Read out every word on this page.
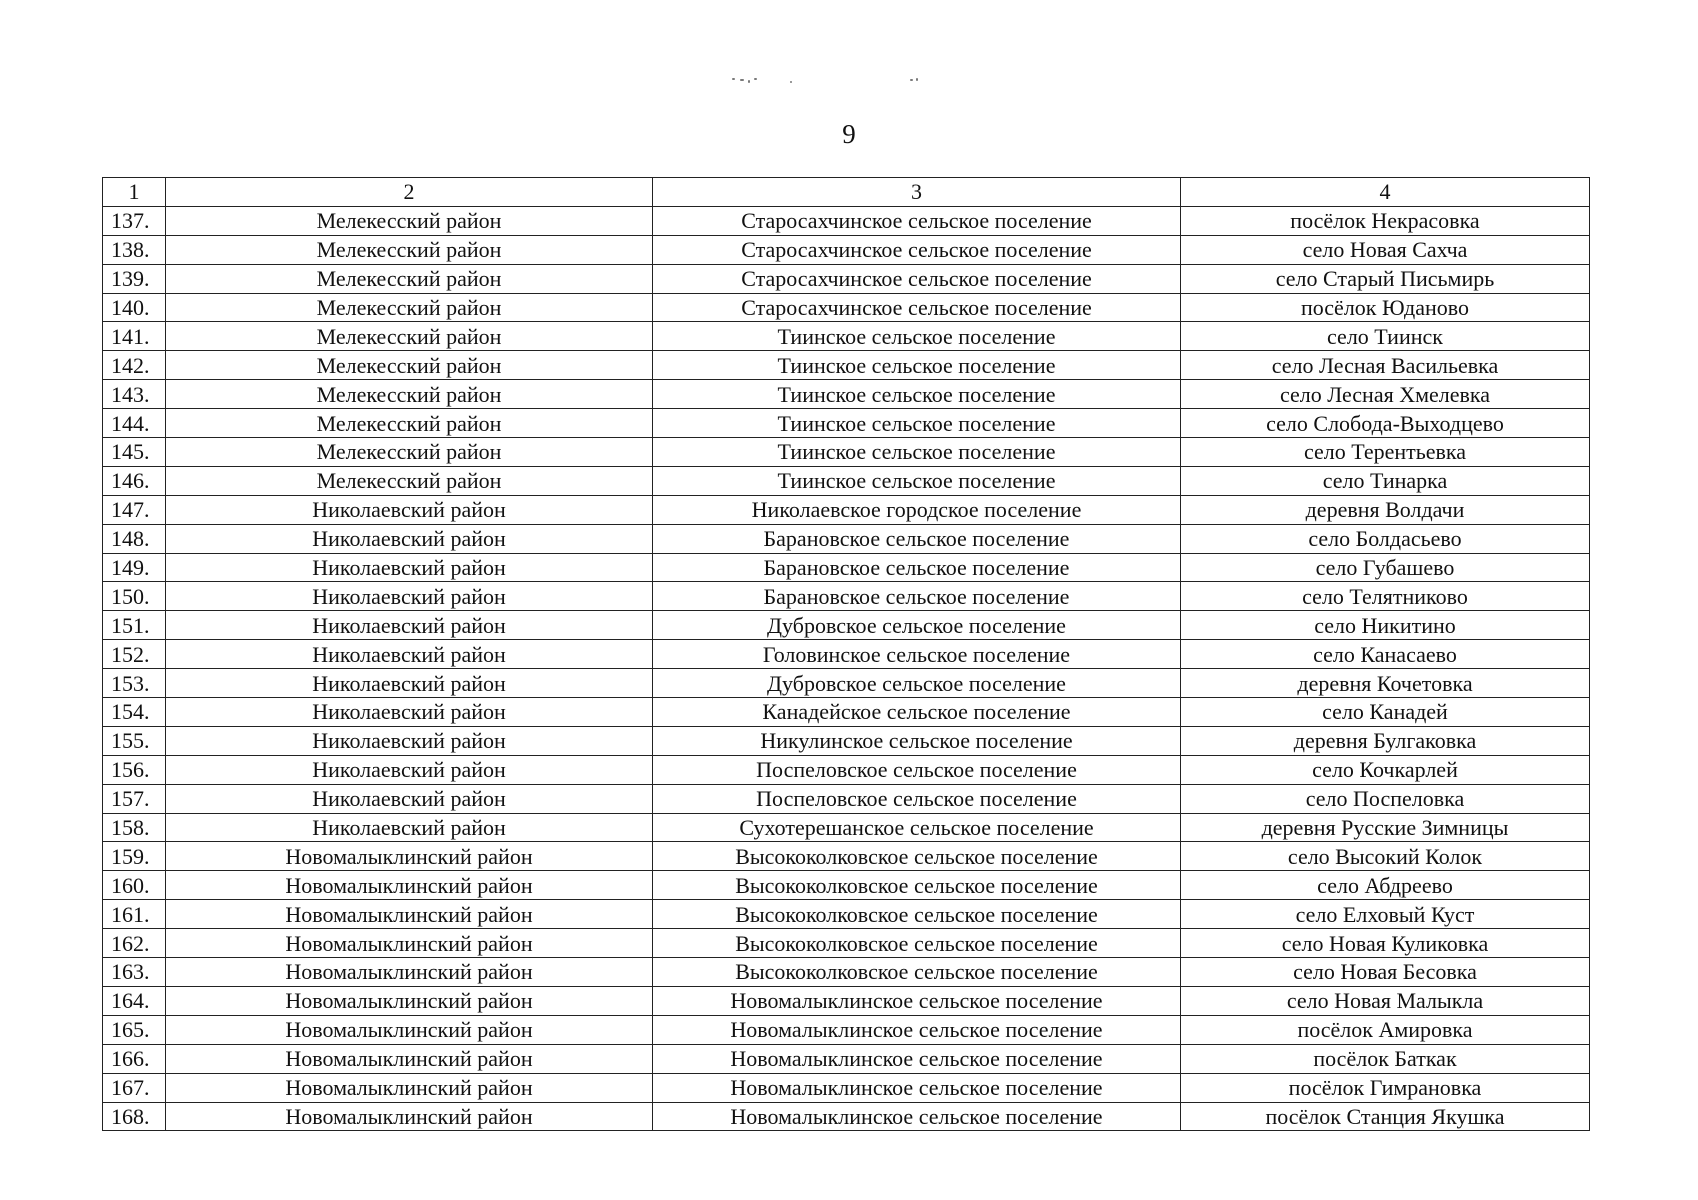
9
1	2	3	4
137.	Мелекесский район	Старосахчинское сельское поселение	посёлок Некрасовка
138.	Мелекесский район	Старосахчинское сельское поселение	село Новая Сахча
139.	Мелекесский район	Старосахчинское сельское поселение	село Старый Письмирь
140.	Мелекесский район	Старосахчинское сельское поселение	посёлок Юданово
141.	Мелекесский район	Тиинское сельское поселение	село Тиинск
142.	Мелекесский район	Тиинское сельское поселение	село Лесная Васильевка
143.	Мелекесский район	Тиинское сельское поселение	село Лесная Хмелевка
144.	Мелекесский район	Тиинское сельское поселение	село Слобода-Выходцево
145.	Мелекесский район	Тиинское сельское поселение	село Терентьевка
146.	Мелекесский район	Тиинское сельское поселение	село Тинарка
147.	Николаевский район	Николаевское городское поселение	деревня Волдачи
148.	Николаевский район	Барановское сельское поселение	село Болдасьево
149.	Николаевский район	Барановское сельское поселение	село Губашево
150.	Николаевский район	Барановское сельское поселение	село Телятниково
151.	Николаевский район	Дубровское сельское поселение	село Никитино
152.	Николаевский район	Головинское сельское поселение	село Канасаево
153.	Николаевский район	Дубровское сельское поселение	деревня Кочетовка
154.	Николаевский район	Канадейское сельское поселение	село Канадей
155.	Николаевский район	Никулинское сельское поселение	деревня Булгаковка
156.	Николаевский район	Поспеловское сельское поселение	село Кочкарлей
157.	Николаевский район	Поспеловское сельское поселение	село Поспеловка
158.	Николаевский район	Сухотерешанское сельское поселение	деревня Русские Зимницы
159.	Новомалыклинский район	Высококолковское сельское поселение	село Высокий Колок
160.	Новомалыклинский район	Высококолковское сельское поселение	село Абдреево
161.	Новомалыклинский район	Высококолковское сельское поселение	село Елховый Куст
162.	Новомалыклинский район	Высококолковское сельское поселение	село Новая Куликовка
163.	Новомалыклинский район	Высококолковское сельское поселение	село Новая Бесовка
164.	Новомалыклинский район	Новомалыклинское сельское поселение	село Новая Малыкла
165.	Новомалыклинский район	Новомалыклинское сельское поселение	посёлок Амировка
166.	Новомалыклинский район	Новомалыклинское сельское поселение	посёлок Баткак
167.	Новомалыклинский район	Новомалыклинское сельское поселение	посёлок Гимрановка
168.	Новомалыклинский район	Новомалыклинское сельское поселение	посёлок Станция Якушка
